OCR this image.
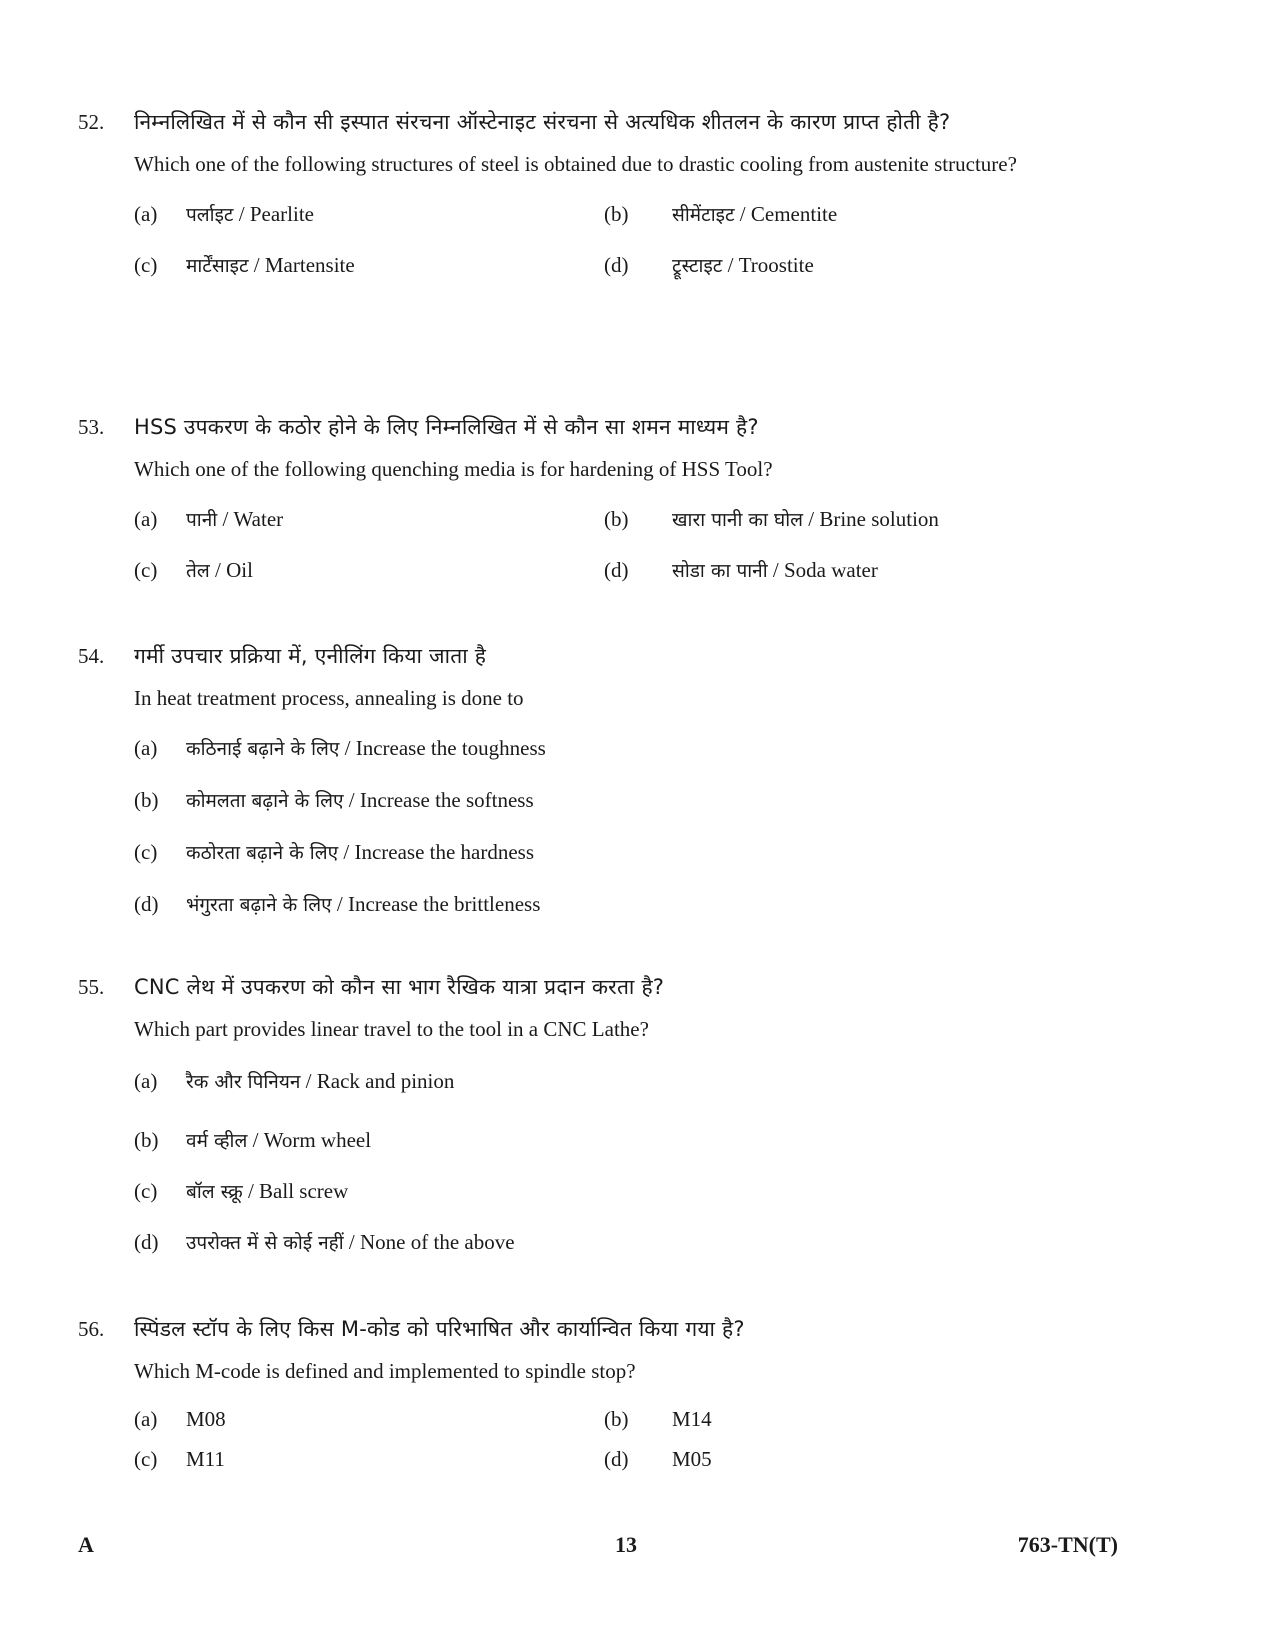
52. निम्नलिखित में से कौन सी इस्पात संरचना ऑस्टेनाइट संरचना से अत्यधिक शीतलन के कारण प्राप्त होती है?
Which one of the following structures of steel is obtained due to drastic cooling from austenite structure?
(a)	पर्लाइट / Pearlite	(b)	सीमेंटाइट / Cementite
(c)	मार्टेंसाइट / Martensite	(d)	ट्रूस्टाइट / Troostite
53. HSS उपकरण के कठोर होने के लिए निम्नलिखित में से कौन सा शमन माध्यम है?
Which one of the following quenching media is for hardening of HSS Tool?
(a)	पानी / Water	(b)	खारा पानी का घोल / Brine solution
(c)	तेल / Oil	(d)	सोडा का पानी / Soda water
54. गर्मी उपचार प्रक्रिया में, एनीलिंग किया जाता है
In heat treatment process, annealing is done to
(a)	कठिनाई बढ़ाने के लिए / Increase the toughness
(b)	कोमलता बढ़ाने के लिए / Increase the softness
(c)	कठोरता बढ़ाने के लिए / Increase the hardness
(d)	भंगुरता बढ़ाने के लिए / Increase the brittleness
55. CNC लेथ में उपकरण को कौन सा भाग रैखिक यात्रा प्रदान करता है?
Which part provides linear travel to the tool in a CNC Lathe?
(a)	रैक और पिनियन / Rack and pinion
(b)	वर्म व्हील / Worm wheel
(c)	बॉल स्क्रू / Ball screw
(d)	उपरोक्त में से कोई नहीं / None of the above
56. स्पिंडल स्टॉप के लिए किस M-कोड को परिभाषित और कार्यान्वित किया गया है?
Which M-code is defined and implemented to spindle stop?
(a)	M08	(b)	M14
(c)	M11	(d)	M05
A	13	763-TN(T)
